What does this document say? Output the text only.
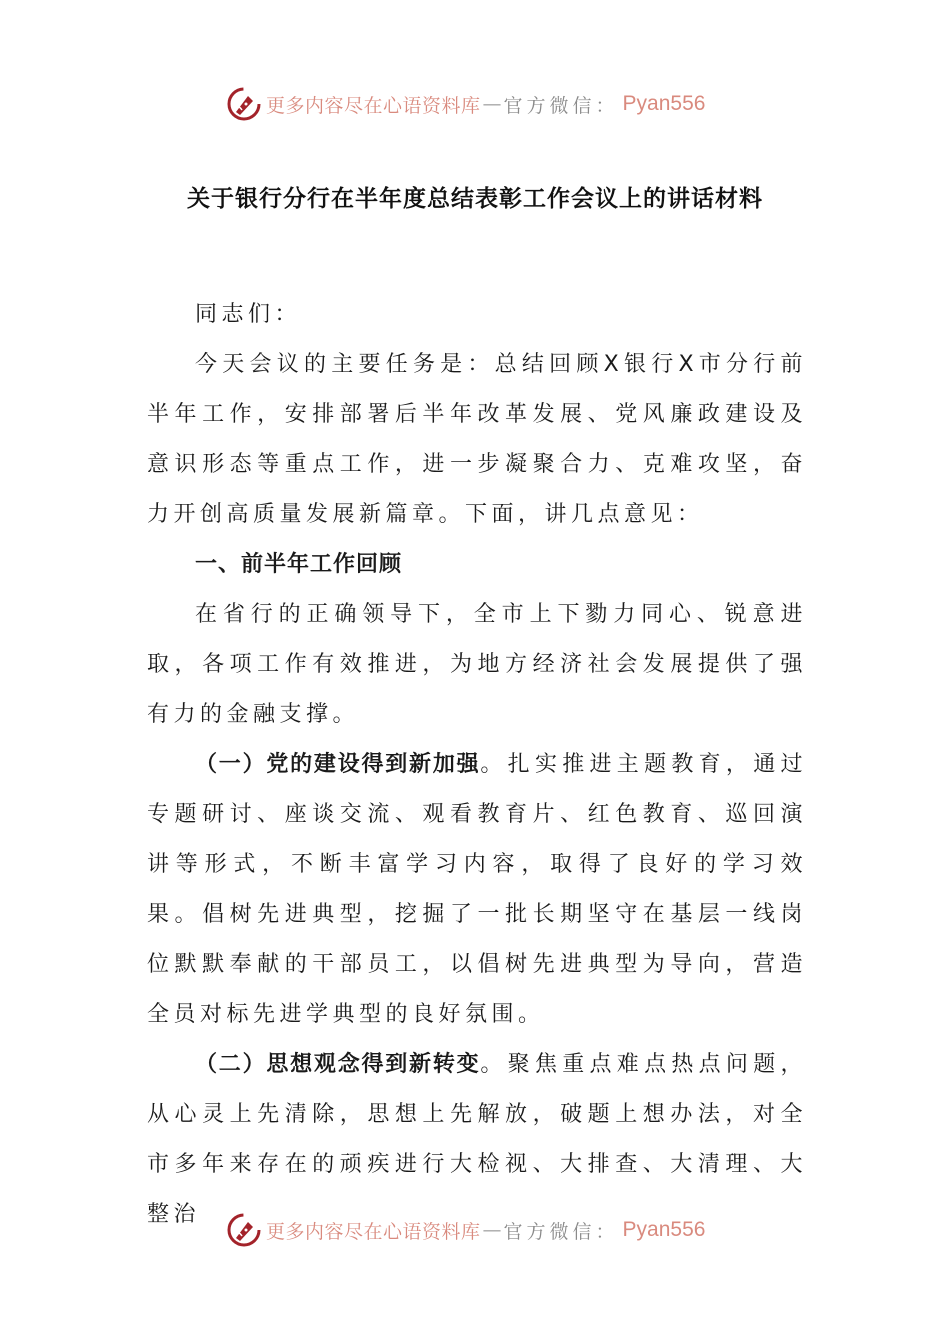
更多内容尽在心语资料库 — 官方微信： Pyan556
关于银行分行在半年度总结表彰工作会议上的讲话材料

同志们：

今天会议的主要任务是：总结回顾X银行X市分行前半年工作，安排部署后半年改革发展、党风廉政建设及意识形态等重点工作，进一步凝聚合力、克难攻坚，奋力开创高质量发展新篇章。下面，讲几点意见：

一、前半年工作回顾

在省行的正确领导下，全市上下勠力同心、锐意进取，各项工作有效推进，为地方经济社会发展提供了强有力的金融支撑。

（一）党的建设得到新加强。扎实推进主题教育，通过专题研讨、座谈交流、观看教育片、红色教育、巡回演讲等形式，不断丰富学习内容，取得了良好的学习效果。倡树先进典型，挖掘了一批长期坚守在基层一线岗位默默奉献的干部员工，以倡树先进典型为导向，营造全员对标先进学典型的良好氛围。

（二）思想观念得到新转变。聚焦重点难点热点问题，从心灵上先清除，思想上先解放，破题上想办法，对全市多年来存在的顽疾进行大检视、大排查、大清理、大整治

更多内容尽在心语资料库 — 官方微信： Pyan556
